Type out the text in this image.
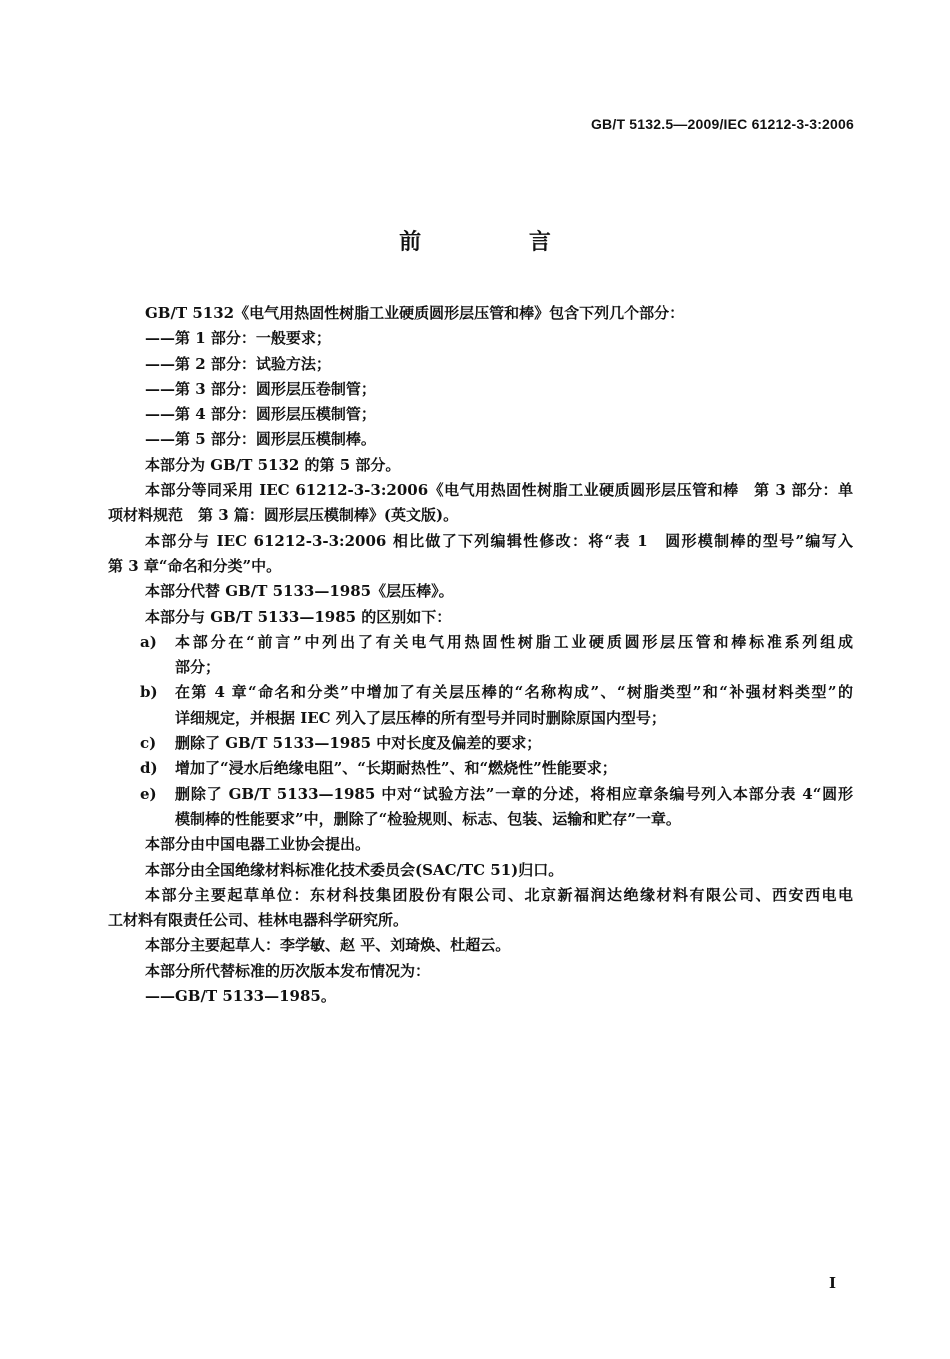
GB/T 5132.5—2009/IEC 61212-3-3:2006
前 言
GB/T 5132《电气用热固性树脂工业硬质圆形层压管和棒》包含下列几个部分：
——第 1 部分：一般要求；
——第 2 部分：试验方法；
——第 3 部分：圆形层压卷制管；
——第 4 部分：圆形层压模制管；
——第 5 部分：圆形层压模制棒。
本部分为 GB/T 5132 的第 5 部分。
本部分等同采用 IEC 61212-3-3:2006《电气用热固性树脂工业硬质圆形层压管和棒　第 3 部分：单
项材料规范　第 3 篇：圆形层压模制棒》(英文版)。
本部分与 IEC 61212-3-3:2006 相比做了下列编辑性修改：将“表 1　圆形模制棒的型号”编写入
第 3 章“命名和分类”中。
本部分代替 GB/T 5133—1985《层压棒》。
本部分与 GB/T 5133—1985 的区别如下：
a) 本部分在“前言”中列出了有关电气用热固性树脂工业硬质圆形层压管和棒标准系列组成
部分；
b) 在第 4 章“命名和分类”中增加了有关层压棒的“名称构成”、“树脂类型”和“补强材料类型”的
详细规定，并根据 IEC 列入了层压棒的所有型号并同时删除原国内型号；
c) 删除了 GB/T 5133—1985 中对长度及偏差的要求；
d) 增加了“浸水后绝缘电阻”、“长期耐热性”、和“燃烧性”性能要求；
e) 删除了 GB/T 5133—1985 中对“试验方法”一章的分述，将相应章条编号列入本部分表 4“圆形
模制棒的性能要求”中，删除了“检验规则、标志、包装、运输和贮存”一章。
本部分由中国电器工业协会提出。
本部分由全国绝缘材料标准化技术委员会(SAC/TC 51)归口。
本部分主要起草单位：东材科技集团股份有限公司、北京新福润达绝缘材料有限公司、西安西电电
工材料有限责任公司、桂林电器科学研究所。
本部分主要起草人：李学敏、赵 平、刘琦焕、杜超云。
本部分所代替标准的历次版本发布情况为：
——GB/T 5133—1985。
I
